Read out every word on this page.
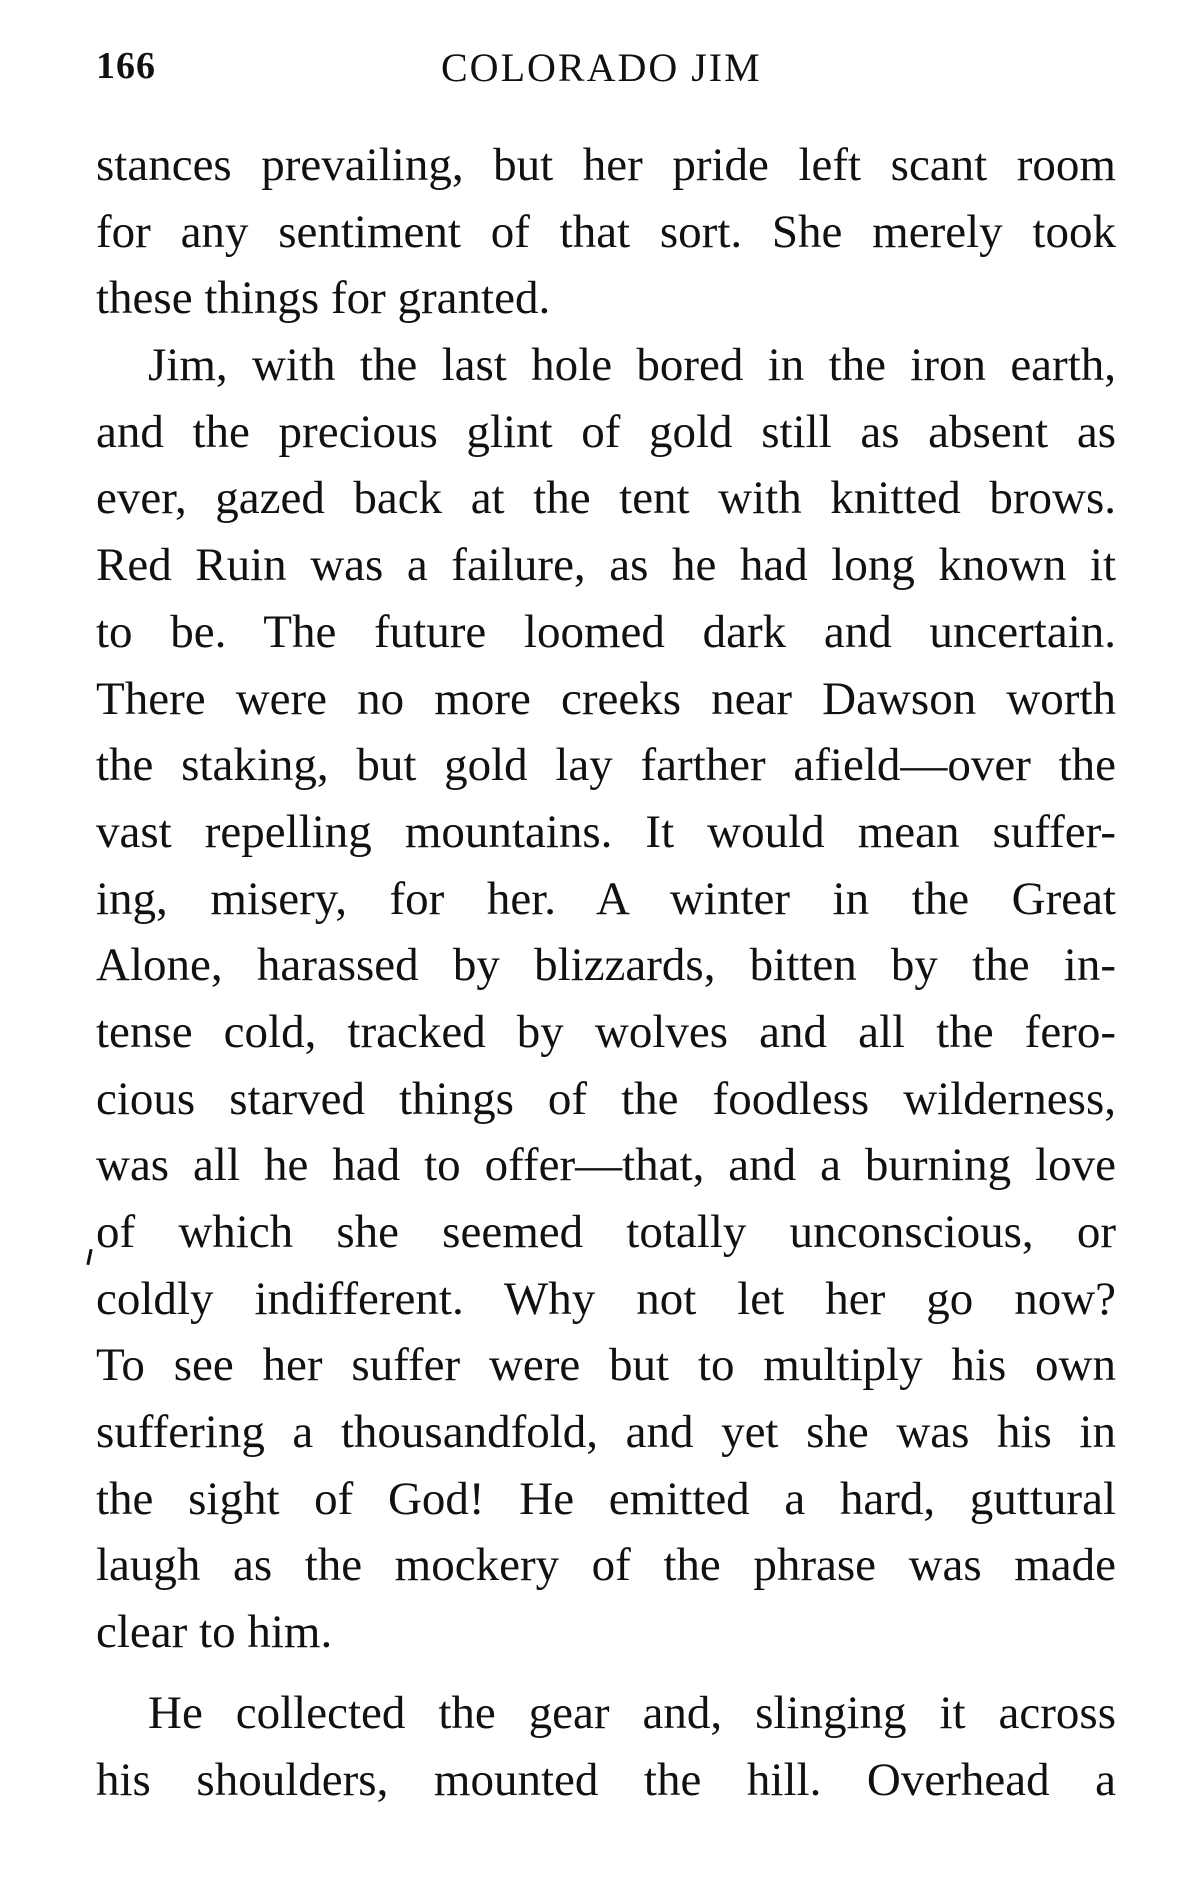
166	COLORADO JIM
stances prevailing, but her pride left scant room
for any sentiment of that sort. She merely took
these things for granted.
Jim, with the last hole bored in the iron earth,
and the precious glint of gold still as absent as
ever, gazed back at the tent with knitted brows.
Red Ruin was a failure, as he had long known it
to be. The future loomed dark and uncertain.
There were no more creeks near Dawson worth
the staking, but gold lay farther afield—over the
vast repelling mountains. It would mean suffer-
ing, misery, for her. A winter in the Great
Alone, harassed by blizzards, bitten by the in-
tense cold, tracked by wolves and all the fero-
cious starved things of the foodless wilderness,
was all he had to offer—that, and a burning love
of which she seemed totally unconscious, or
coldly indifferent. Why not let her go now?
To see her suffer were but to multiply his own
suffering a thousandfold, and yet she was his in
the sight of God! He emitted a hard, guttural
laugh as the mockery of the phrase was made
clear to him.
He collected the gear and, slinging it across
his shoulders, mounted the hill. Overhead a
